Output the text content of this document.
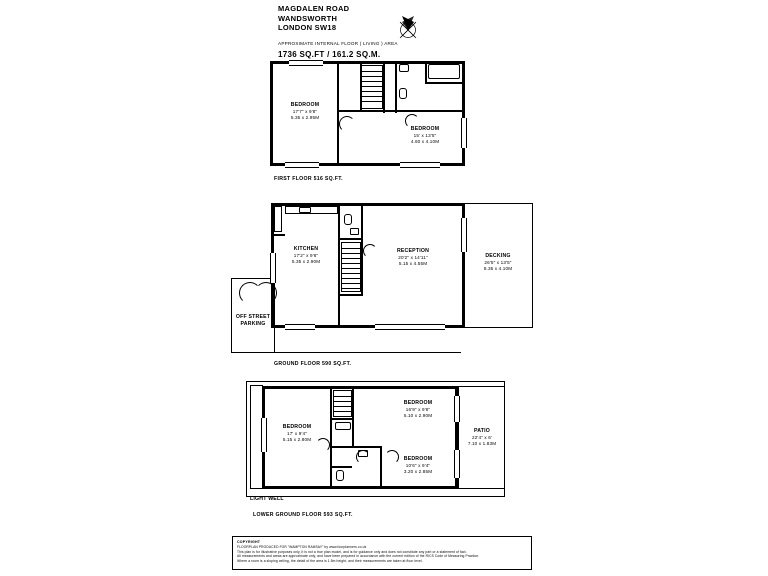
MAGDALEN ROAD
WANDSWORTH
LONDON SW18
APPROXIMATE INTERNAL FLOOR ( LIVING ) AREA
1736 SQ.FT / 161.2 SQ.M.
BEDROOM
17'7" x 9'8"
5.35 x 2.95M
BEDROOM
15' x 13'5"
4.60 x 4.10M
FIRST FLOOR 516 SQ.FT.
KITCHEN
17'2" x 9'6"
5.35 x 2.90M
RECEPTION
20'2" x 14'11"
5.15 x 4.55M
DECKING
26'5" x 13'5"
8.35 x 4.10M
OFF STREET
PARKING
GROUND FLOOR 590 SQ.FT.
BEDROOM
17' x 9'4"
5.15 x 2.80M
BEDROOM
16'9" x 9'6"
5.10 x 2.90M
BEDROOM
10'6" x 9'4"
3.20 x 2.85M
PATIO
22'4" x 6'
7.10 x 1.83M
LIGHT WELL
LOWER GROUND FLOOR 593 SQ.FT.
COPYRIGHT
FLOORPLAN PRODUCED FOR "WAMPTON RAMSAY" by www.fourplanners.co.uk
This plan is for illustrative purposes only, it is not a true plan model, and is for guidance only and does not constitute any part or a statement of fact.
All measurements and areas are approximate only, and have been prepared in accordance with the current edition of the RICS Code of Measuring Practice.
Where a room is a sloping ceiling, the detail of the area is 1.5m height, and their measurements are taken at floor level.
